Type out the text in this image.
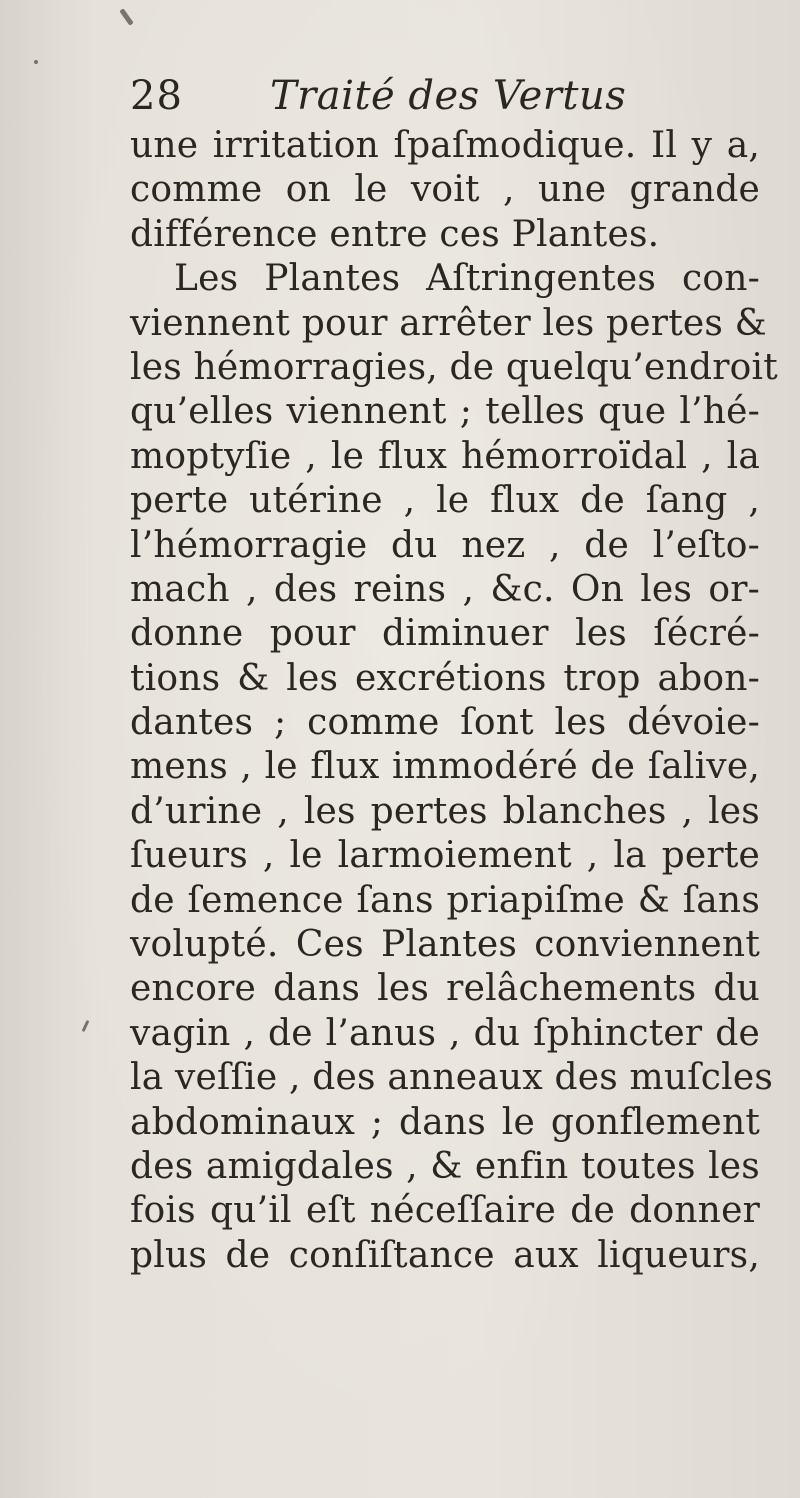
28 Traité des Vertus
une irritation ſpaſmodique. Il y a,
comme on le voit , une grande
différence entre ces Plantes.
Les Plantes Aſtringentes con-
viennent pour arrêter les pertes &
les hémorragies, de quelqu’endroit
qu’elles viennent ; telles que l’hé-
moptyſie , le flux hémorroïdal , la
perte utérine , le flux de ſang ,
l’hémorragie du nez , de l’eſto-
mach , des reins , &c. On les or-
donne pour diminuer les ſécré-
tions & les excrétions trop abon-
dantes ; comme ſont les dévoie-
mens , le flux immodéré de ſalive,
d’urine , les pertes blanches , les
ſueurs , le larmoiement , la perte
de ſemence ſans priapiſme & ſans
volupté. Ces Plantes conviennent
encore dans les relâchements du
vagin , de l’anus , du ſphincter de
la veſſie , des anneaux des muſcles
abdominaux ; dans le gonflement
des amigdales , & enfin toutes les
fois qu’il eſt néceſſaire de donner
plus de conſiſtance aux liqueurs,
